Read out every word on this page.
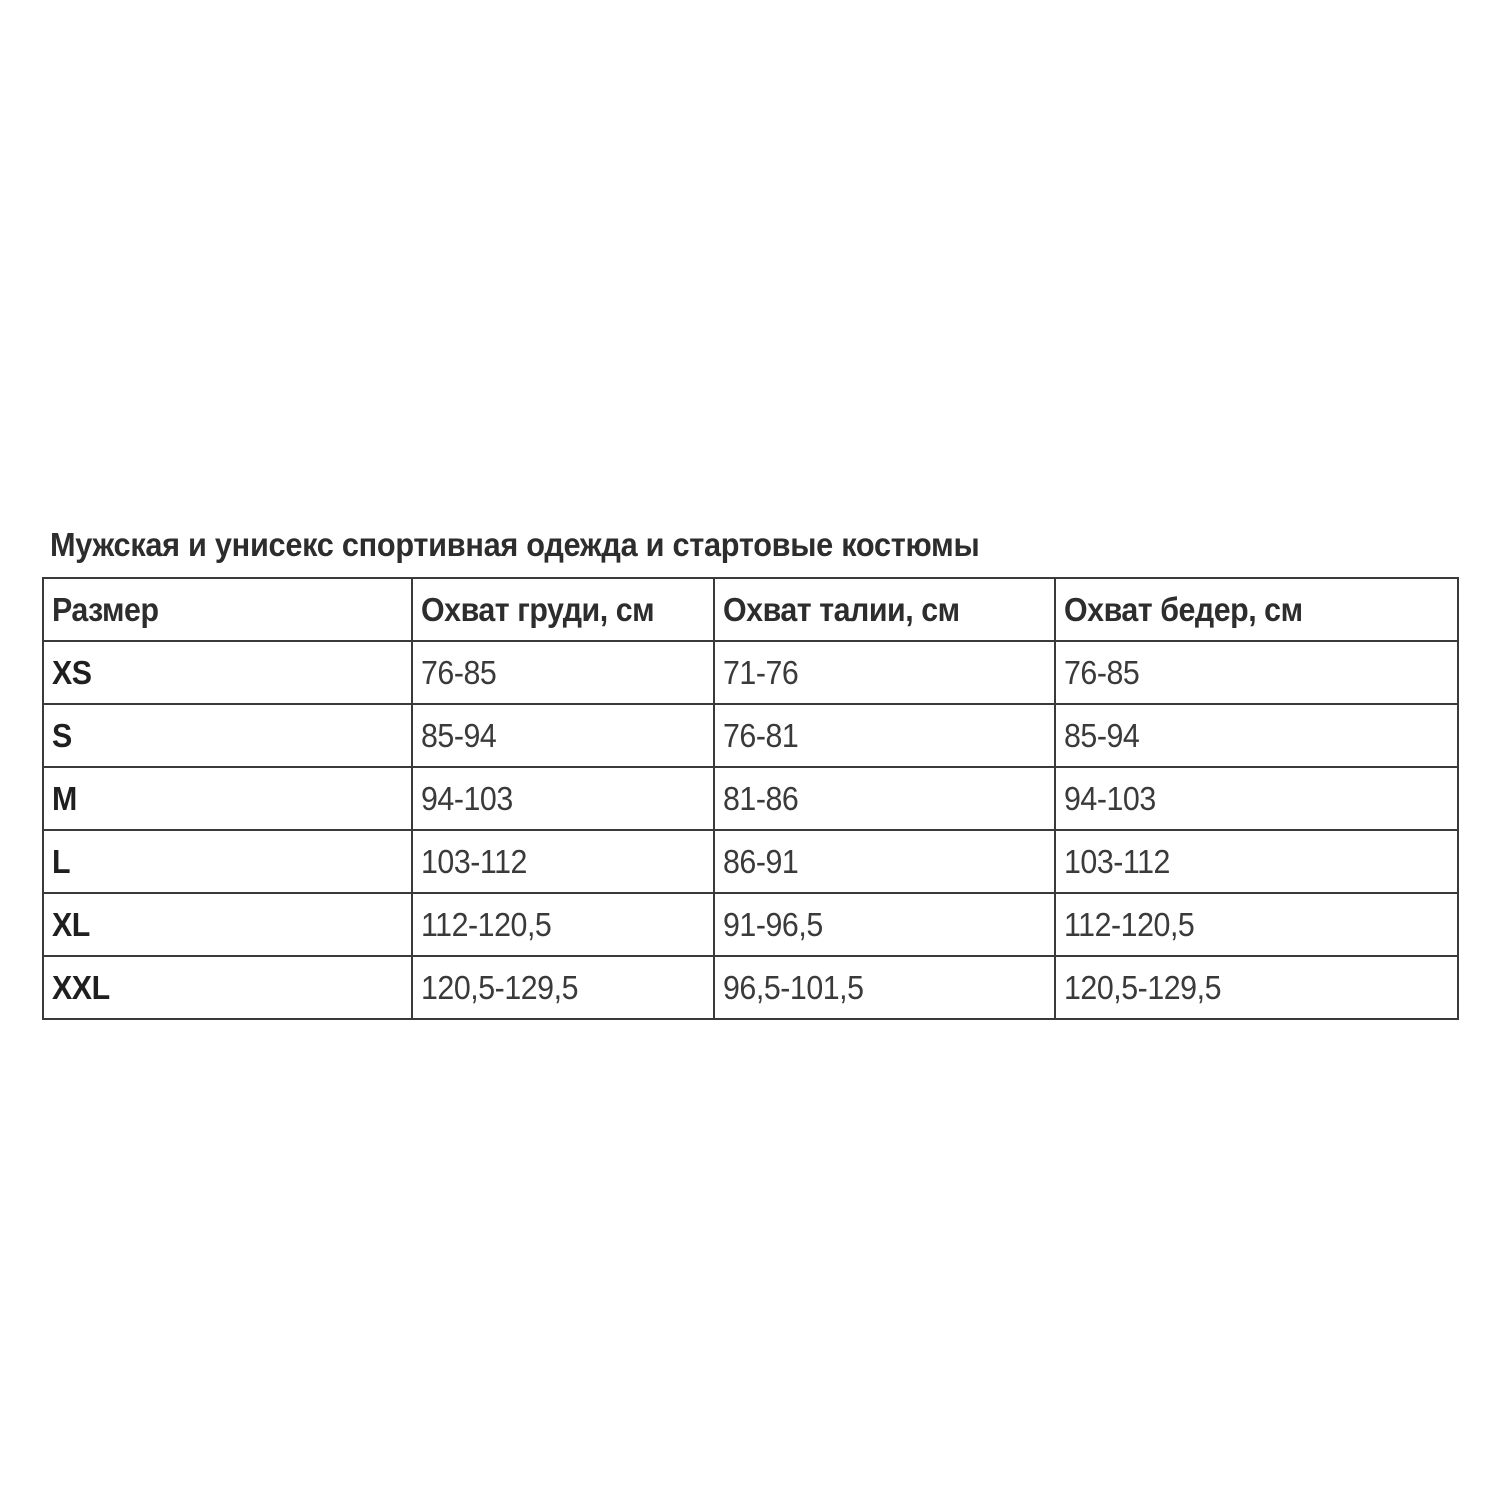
Мужская и унисекс спортивная одежда и стартовые костюмы
Размер	Охват груди, см	Охват талии, см	Охват бедер, см
XS	76-85	71-76	76-85
S	85-94	76-81	85-94
M	94-103	81-86	94-103
L	103-112	86-91	103-112
XL	112-120,5	91-96,5	112-120,5
XXL	120,5-129,5	96,5-101,5	120,5-129,5
